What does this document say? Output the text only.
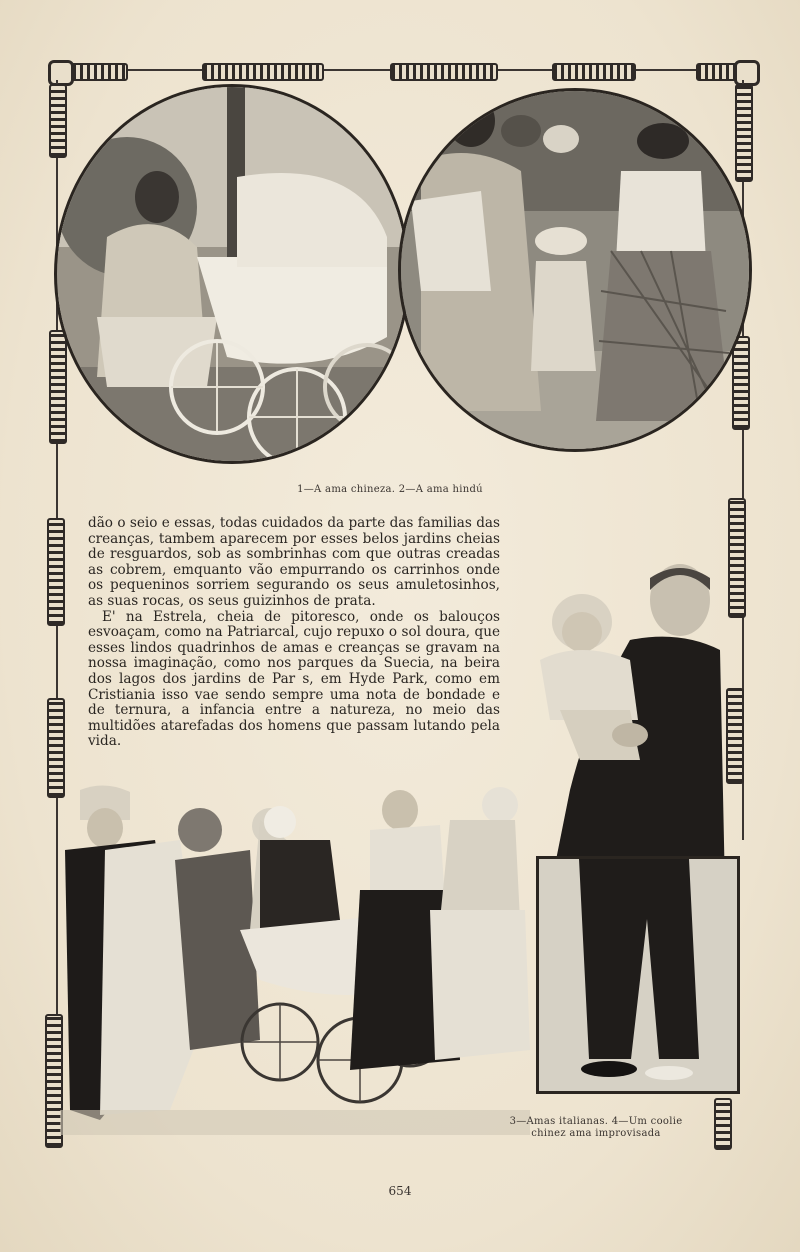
1—A ama chineza. 2—A ama hindú

dão o seio e essas, todas cuidados da parte das familias das creanças, tambem aparecem por esses belos jardins cheias de resguardos, sob as sombrinhas com que outras creadas as cobrem, emquanto vão empurrando os carrinhos onde os pequeninos sorriem segurando os seus amuletosinhos, as suas rocas, os seus guizinhos de prata.

E' na Estrela, cheia de pitoresco, onde os balouços esvoaçam, como na Patriarcal, cujo repuxo o sol doura, que esses lindos quadrinhos de amas e creanças se gravam na nossa imaginação, como nos parques da Suecia, na beira dos lagos dos jardins de Par s, em Hyde Park, como em Cristiania isso vae sendo sempre uma nota de bondade e de ternura, a infancia entre a natureza, no meio das multidões atarefadas dos homens que passam lutando pela vida.

3—Amas italianas. 4—Um coolie
chinez ama improvisada
654
